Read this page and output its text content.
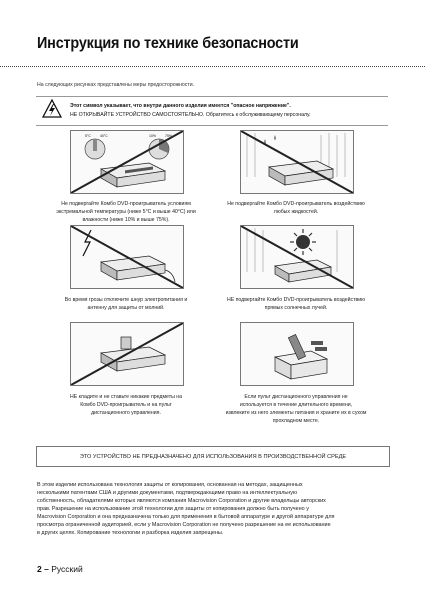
Инструкция по технике безопасности
На следующих рисунках представлены меры предосторожности.
Этот символ указывает, что внутри данного изделия имеется "опасное напряжение".
НЕ ОТКРЫВАЙТЕ УСТРОЙСТВО САМОСТОЯТЕЛЬНО. Обратитесь к обслуживающему персоналу.
5°C	40°C	10%	75%
Не подвергайте Комбо DVD-проигрыватель условиям
экстремальной температуры (ниже 5°C и выше 40°C) или
влажности (ниже 10% и выше 75%).
Не подвергайте Комбо DVD-проигрыватель воздействию
любых жидкостей.
Во время грозы отключите шнур электропитания и
антенну для защиты от молний.
НЕ подвергайте Комбо DVD-проигрыватель воздействию
прямых солнечных лучей.
НЕ кладите и не ставьте никакие предметы на
Комбо DVD-проигрыватель и на пульт
дистанционного управления.
Если пульт дистанционного управления не
используется в течение длительного времени,
извлеките из него элементы питания и храните их в сухом
прохладном месте.
ЭТО УСТРОЙСТВО НЕ ПРЕДНАЗНАЧЕНО ДЛЯ ИСПОЛЬЗОВАНИЯ В ПРОИЗВОДСТВЕННОЙ СРЕДЕ
В этом изделии использована технология защиты от копирования, основанная на методах, защищенных
несколькими патентами США и другими документами, подтверждающими право на интеллектуальную
собственность, обладателями которых являются компания Macrovision Corporation и другие владельцы авторских
прав. Разрешение на использование этой технологии для защиты от копирования должно быть получено у
Macrovision Corporation и она предназначена только для применения в бытовой аппаратуре и другой аппаратуре для
просмотра ограниченной аудиторией, если у Macrovision Corporation не получено разрешение на ее использование
в других целях. Копирование технологии и разборка изделия запрещены.
2 – Русский
